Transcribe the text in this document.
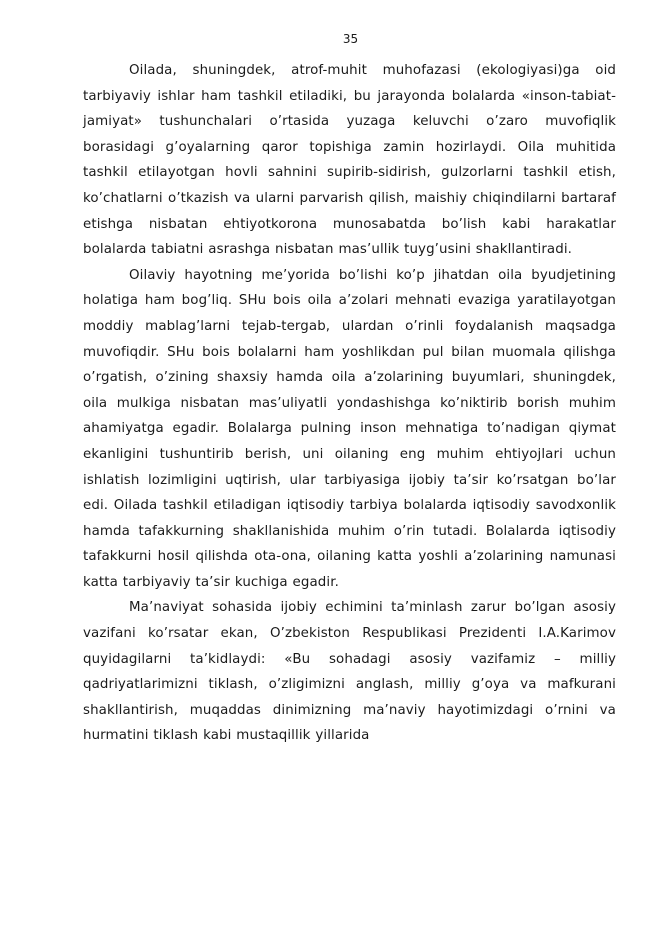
35

Oilada, shuningdek, atrof-muhit muhofazasi (ekologiyasi)ga oid tarbiyaviy ishlar ham tashkil etiladiki, bu jarayonda bolalarda «inson-tabiat-jamiyat» tushunchalari o’rtasida yuzaga keluvchi o’zaro muvofiqlik borasidagi g’oyalarning qaror topishiga zamin hozirlaydi. Oila muhitida tashkil etilayotgan hovli sahnini supirib-sidirish, gulzorlarni tashkil etish, ko’chatlarni o’tkazish va ularni parvarish qilish, maishiy chiqindilarni bartaraf etishga nisbatan ehtiyotkorona munosabatda bo’lish kabi harakatlar bolalarda tabiatni asrashga nisbatan mas’ullik tuyg’usini shakllantiradi.

Oilaviy hayotning me’yorida bo’lishi ko’p jihatdan oila byudjetining holatiga ham bog’liq. SHu bois oila a’zolari mehnati evaziga yaratilayotgan moddiy mablag’larni tejab-tergab, ulardan o’rinli foydalanish maqsadga muvofiqdir. SHu bois bolalarni ham yoshlikdan pul bilan muomala qilishga o’rgatish, o’zining shaxsiy hamda oila a’zolarining buyumlari, shuningdek, oila mulkiga nisbatan mas’uliyatli yondashishga ko’niktirib borish muhim ahamiyatga egadir. Bolalarga pulning inson mehnatiga to’nadigan qiymat ekanligini tushuntirib berish, uni oilaning eng muhim ehtiyojlari uchun ishlatish lozimligini uqtirish, ular tarbiyasiga ijobiy ta’sir ko’rsatgan bo’lar edi. Oilada tashkil etiladigan iqtisodiy tarbiya bolalarda iqtisodiy savodxonlik hamda tafakkurning shakllanishida muhim o’rin tutadi. Bolalarda iqtisodiy tafakkurni hosil qilishda ota-ona, oilaning katta yoshli a’zolarining namunasi katta tarbiyaviy ta’sir kuchiga egadir.

Ma’naviyat sohasida ijobiy echimini ta’minlash zarur bo’lgan asosiy vazifani ko’rsatar ekan, O’zbekiston Respublikasi Prezidenti I.A.Karimov quyidagilarni ta’kidlaydi: «Bu sohadagi asosiy vazifamiz – milliy qadriyatlarimizni tiklash, o’zligimizni anglash, milliy g’oya va mafkurani shakllantirish, muqaddas dinimizning ma’naviy hayotimizdagi o’rnini va hurmatini tiklash kabi mustaqillik yillarida
